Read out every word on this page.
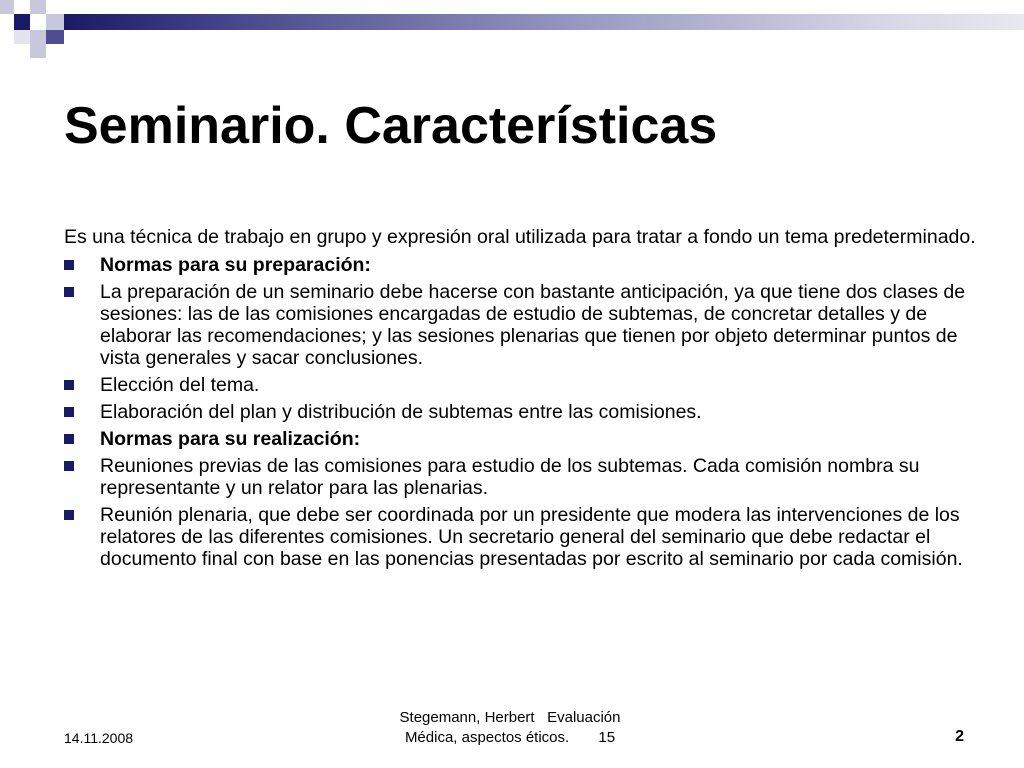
Seminario. Características

Es una técnica de trabajo en grupo y expresión oral utilizada para tratar a fondo un tema predeterminado.

Normas para su preparación:
La preparación de un seminario debe hacerse con bastante anticipación, ya que tiene dos clases de sesiones: las de las comisiones encargadas de estudio de subtemas, de concretar detalles y de elaborar las recomendaciones; y las sesiones plenarias que tienen por objeto determinar puntos de vista generales y sacar conclusiones.
Elección del tema.
Elaboración del plan y distribución de subtemas entre las comisiones.
Normas para su realización:
Reuniones previas de las comisiones para estudio de los subtemas. Cada comisión nombra su representante y un relator para las plenarias.
Reunión plenaria, que debe ser coordinada por un presidente que modera las intervenciones de los relatores de las diferentes comisiones. Un secretario general del seminario que debe redactar el documento final con base en las ponencias presentadas por escrito al seminario por cada comisión.
14.11.2008
Stegemann, Herbert   Evaluación
Médica, aspectos éticos.       15	2
